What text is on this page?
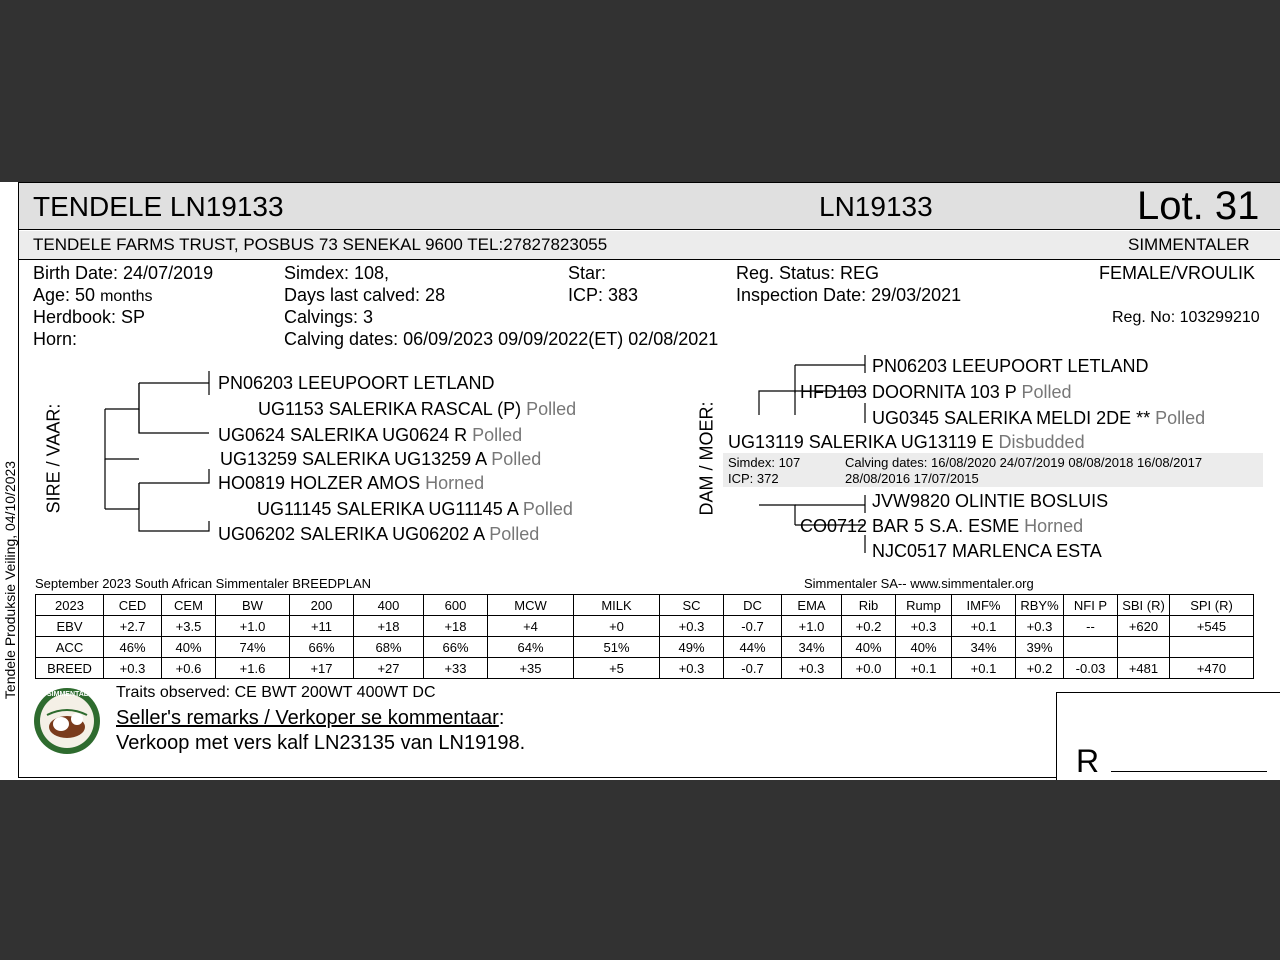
Tendele Produksie Veiling, 04/10/2023
TENDELE LN19133	LN19133	Lot. 31
TENDELE FARMS TRUST, POSBUS 73 SENEKAL 9600 TEL:27827823055	SIMMENTALER
Birth Date: 24/07/2019
Age: 50 months
Herdbook: SP
Horn:
Simdex: 108,
Days last calved: 28
Calvings: 3
Calving dates: 06/09/2023 09/09/2022(ET) 02/08/2021
Star:
ICP: 383
Reg. Status: REG
Inspection Date: 29/03/2021
FEMALE/VROULIK
Reg. No: 103299210
SIRE / VAAR:
PN06203 LEEUPOORT LETLAND
UG1153 SALERIKA RASCAL (P) Polled
UG0624 SALERIKA UG0624 R Polled
UG13259 SALERIKA UG13259 A Polled
HO0819 HOLZER AMOS Horned
UG11145 SALERIKA UG11145 A Polled
UG06202 SALERIKA UG06202 A Polled
DAM / MOER:
PN06203 LEEUPOORT LETLAND
HFD103 DOORNITA 103 P Polled
UG0345 SALERIKA MELDI 2DE ** Polled
UG13119 SALERIKA UG13119 E Disbudded
Simdex: 107
ICP: 372
Calving dates: 16/08/2020 24/07/2019 08/08/2018 16/08/2017
28/08/2016 17/07/2015
JVW9820 OLINTIE BOSLUIS
CO0712 BAR 5 S.A. ESME Horned
NJC0517 MARLENCA ESTA
September 2023 South African Simmentaler BREEDPLAN	Simmentaler SA-- www.simmentaler.org
2023	CED	CEM	BW	200	400	600	MCW	MILK	SC	DC	EMA	Rib	Rump	IMF%	RBY%	NFI P	SBI (R)	SPI (R)
EBV	+2.7	+3.5	+1.0	+11	+18	+18	+4	+0	+0.3	-0.7	+1.0	+0.2	+0.3	+0.1	+0.3	--	+620	+545
ACC	46%	40%	74%	66%	68%	66%	64%	51%	49%	44%	34%	40%	40%	34%	39%			
BREED	+0.3	+0.6	+1.6	+17	+27	+33	+35	+5	+0.3	-0.7	+0.3	+0.0	+0.1	+0.1	+0.2	-0.03	+481	+470
SIMMENTALER Traits observed: CE BWT 200WT 400WT DC
Seller's remarks / Verkoper se kommentaar:
Verkoop met vers kalf LN23135 van LN19198.	R
